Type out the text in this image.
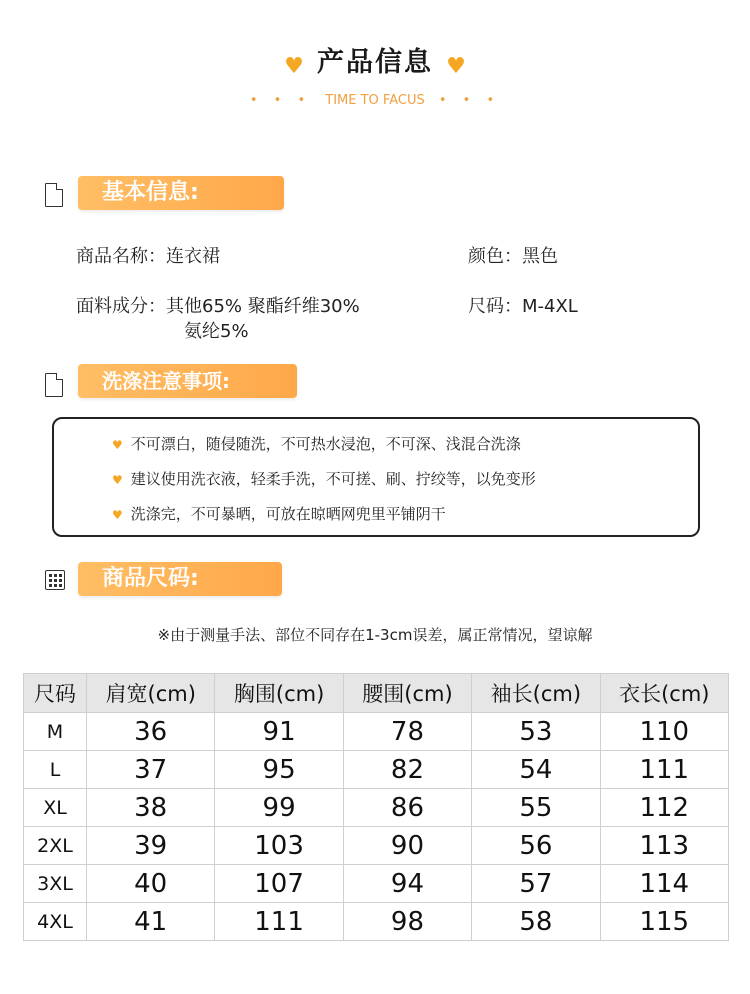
♥ 产品信息 ♥
• • • TIME TO FACUS • • •
基本信息:
商品名称：连衣裙	颜色：黑色
面料成分：其他65% 聚酯纤维30%
氨纶5%
尺码：M-4XL
洗涤注意事项:
♥ 不可漂白，随侵随洗，不可热水浸泡，不可深、浅混合洗涤
♥ 建议使用洗衣液，轻柔手洗，不可搓、刷、拧绞等，以免变形
♥ 洗涤完，不可暴晒，可放在晾晒网兜里平铺阴干
商品尺码:
※由于测量手法、部位不同存在1-3cm误差，属正常情况，望谅解
尺码	肩宽(cm)	胸围(cm)	腰围(cm)	袖长(cm)	衣长(cm)
M	36	91	78	53	110
L	37	95	82	54	111
XL	38	99	86	55	112
2XL	39	103	90	56	113
3XL	40	107	94	57	114
4XL	41	111	98	58	115
